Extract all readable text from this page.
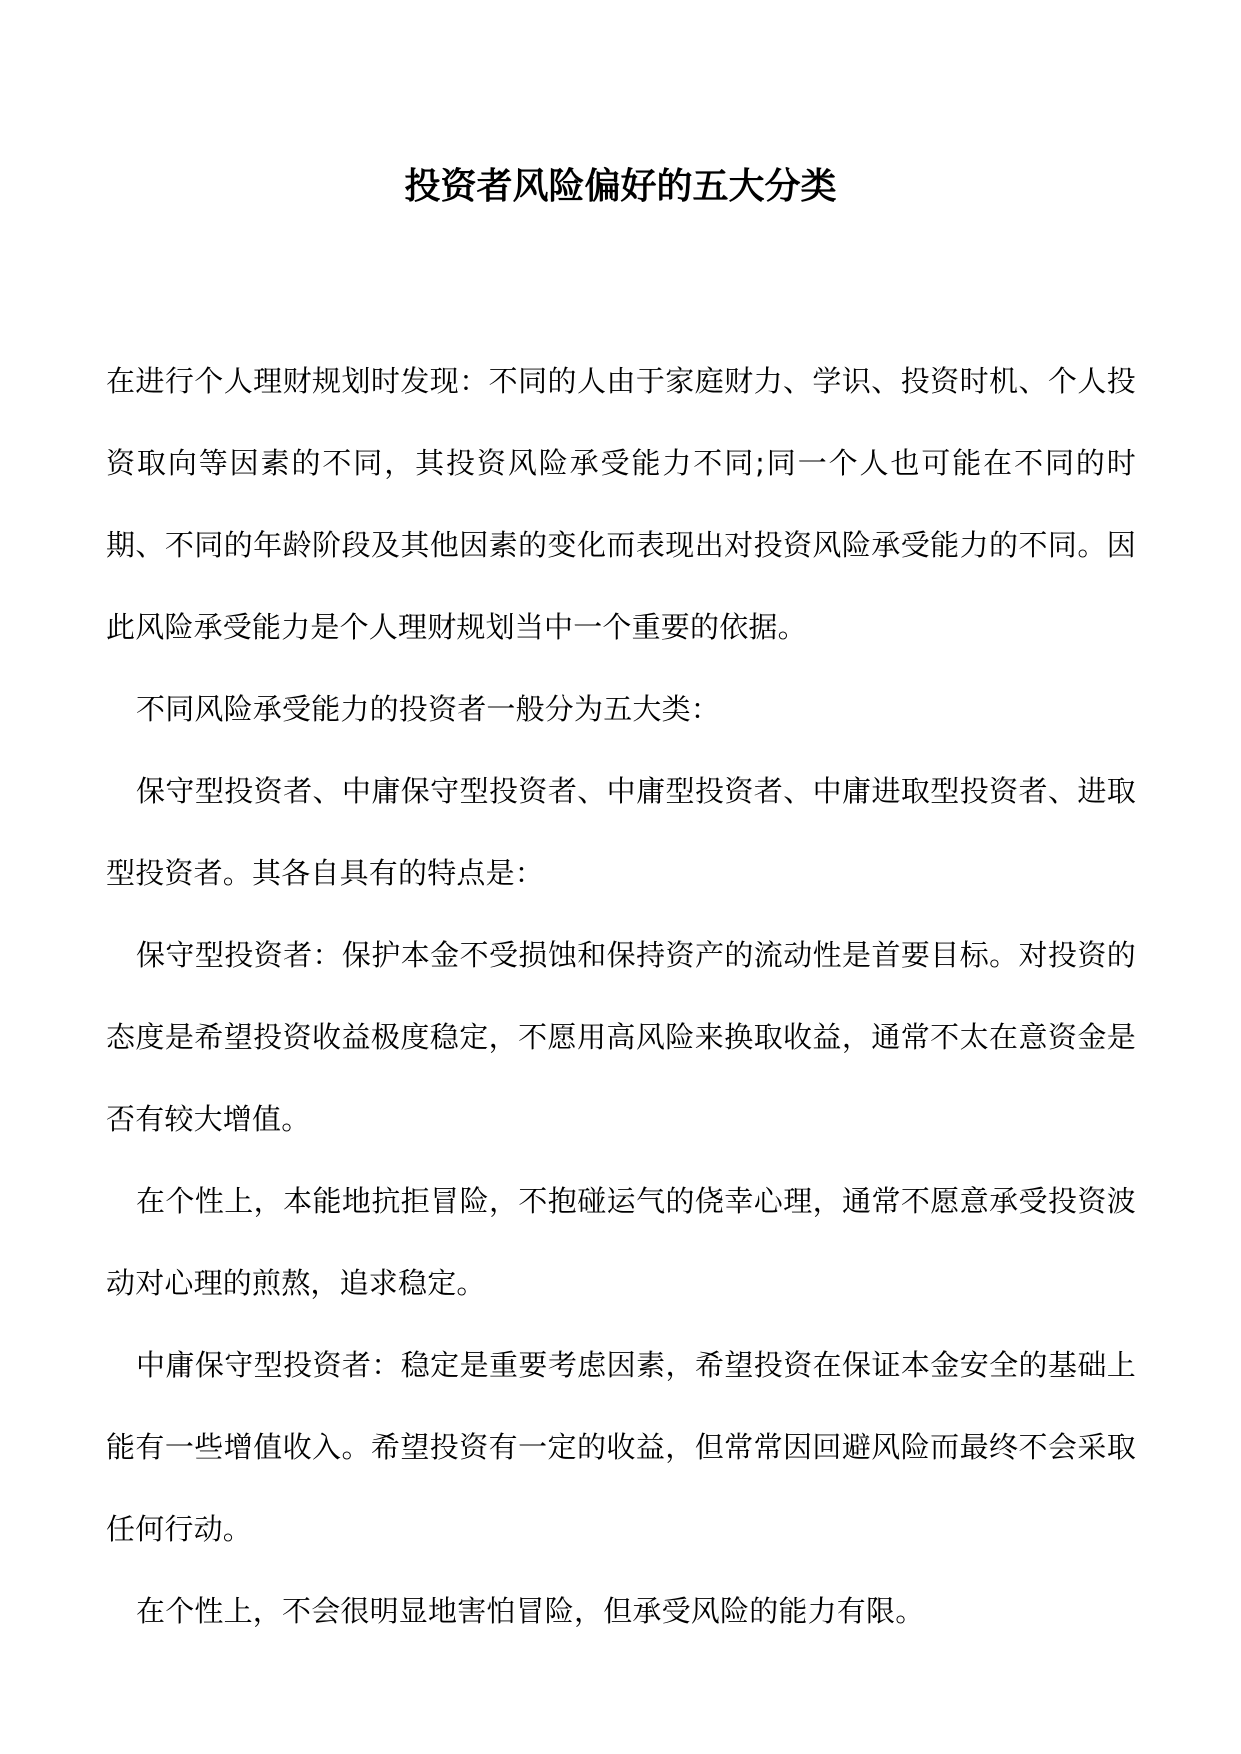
投资者风险偏好的五大分类

在进行个人理财规划时发现：不同的人由于家庭财力、学识、投资时机、个人投资取向等因素的不同，其投资风险承受能力不同;同一个人也可能在不同的时期、不同的年龄阶段及其他因素的变化而表现出对投资风险承受能力的不同。因此风险承受能力是个人理财规划当中一个重要的依据。

不同风险承受能力的投资者一般分为五大类：

保守型投资者、中庸保守型投资者、中庸型投资者、中庸进取型投资者、进取型投资者。其各自具有的特点是：

保守型投资者：保护本金不受损蚀和保持资产的流动性是首要目标。对投资的态度是希望投资收益极度稳定，不愿用高风险来换取收益，通常不太在意资金是否有较大增值。

在个性上，本能地抗拒冒险，不抱碰运气的侥幸心理，通常不愿意承受投资波动对心理的煎熬，追求稳定。

中庸保守型投资者：稳定是重要考虑因素，希望投资在保证本金安全的基础上能有一些增值收入。希望投资有一定的收益，但常常因回避风险而最终不会采取任何行动。

在个性上，不会很明显地害怕冒险，但承受风险的能力有限。
